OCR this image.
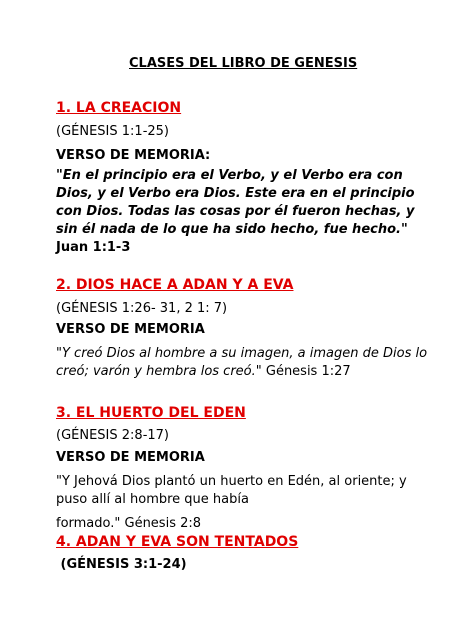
CLASES DEL LIBRO DE GENESIS
1. LA CREACION
(GÉNESIS 1:1-25)
VERSO DE MEMORIA:
"En el principio era el Verbo, y el Verbo era con
Dios, y el Verbo era Dios. Este era en el principio
con Dios. Todas las cosas por él fueron hechas, y
sin él nada de lo que ha sido hecho, fue hecho."
Juan 1:1-3
2. DIOS HACE A ADAN Y A EVA
(GÉNESIS 1:26- 31, 2 1: 7)
VERSO DE MEMORIA
"Y creó Dios al hombre a su imagen, a imagen de Dios lo
creó; varón y hembra los creó." Génesis 1:27
3. EL HUERTO DEL EDEN
(GÉNESIS 2:8-17)
VERSO DE MEMORIA
"Y Jehová Dios plantó un huerto en Edén, al oriente; y
puso allí al hombre que había
formado." Génesis 2:8
4. ADAN Y EVA SON TENTADOS
(GÉNESIS 3:1-24)
